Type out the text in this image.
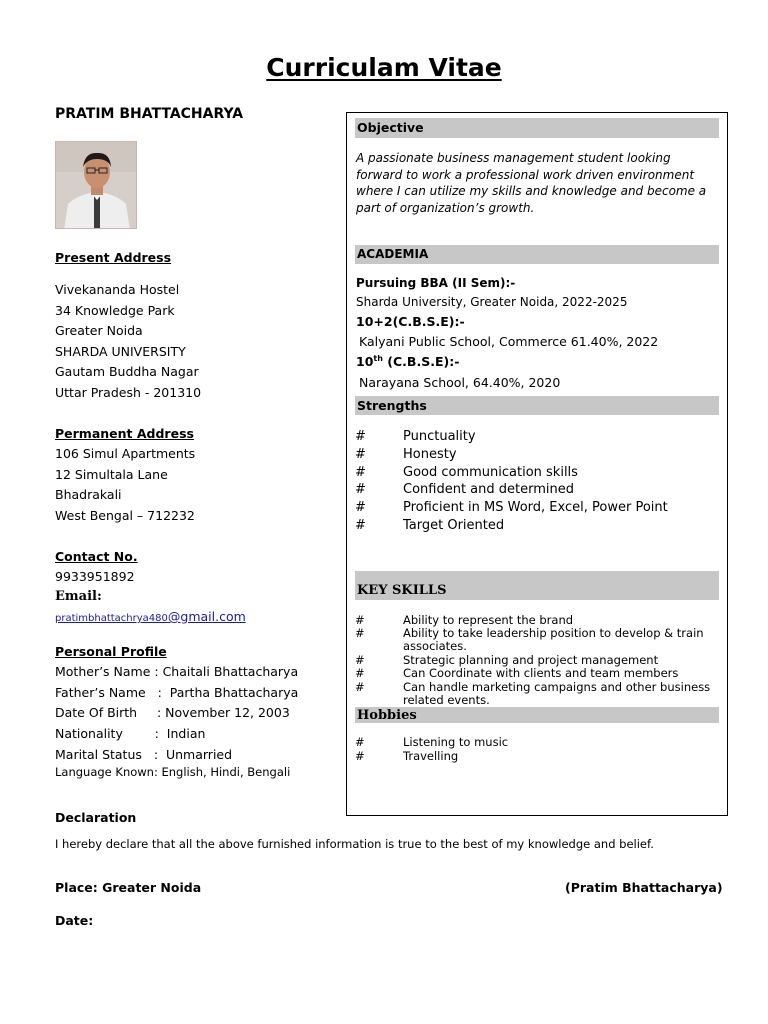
Curriculam Vitae
PRATIM BHATTACHARYA
Present Address
Vivekananda Hostel
34 Knowledge Park
Greater Noida
SHARDA UNIVERSITY
Gautam Buddha Nagar
Uttar Pradesh - 201310
Permanent Address
106 Simul Apartments
12 Simultala Lane
Bhadrakali
West Bengal – 712232
Contact No.
9933951892
Email:
pratimbhattachrya480@gmail.com
Personal Profile
Mother’s Name : Chaitali Bhattacharya
Father’s Name   :  Partha Bhattacharya
Date Of Birth     : November 12, 2003
Nationality        :  Indian
Marital Status   :  Unmarried
Language Known: English, Hindi, Bengali
Objective
A passionate business management student looking forward to work a professional work driven environment where I can utilize my skills and knowledge and become a part of organization’s growth.
ACADEMIA
Pursuing BBA (II Sem):-
Sharda University, Greater Noida, 2022-2025
10+2(C.B.S.E):-
Kalyani Public School, Commerce 61.40%, 2022
10th (C.B.S.E):-
Narayana School, 64.40%, 2020
Strengths
#	Punctuality
#	Honesty
#	Good communication skills
#	Confident and determined
#	Proficient in MS Word, Excel, Power Point
#	Target Oriented
KEY SKILLS
#	Ability to represent the brand
#	Ability to take leadership position to develop & train associates.
#	Strategic planning and project management
#	Can Coordinate with clients and team members
#	Can handle marketing campaigns and other business related events.
Hobbies
#	Listening to music
#	Travelling
Declaration
I hereby declare that all the above furnished information is true to the best of my knowledge and belief.
Place: Greater Noida	(Pratim Bhattacharya)
Date:
